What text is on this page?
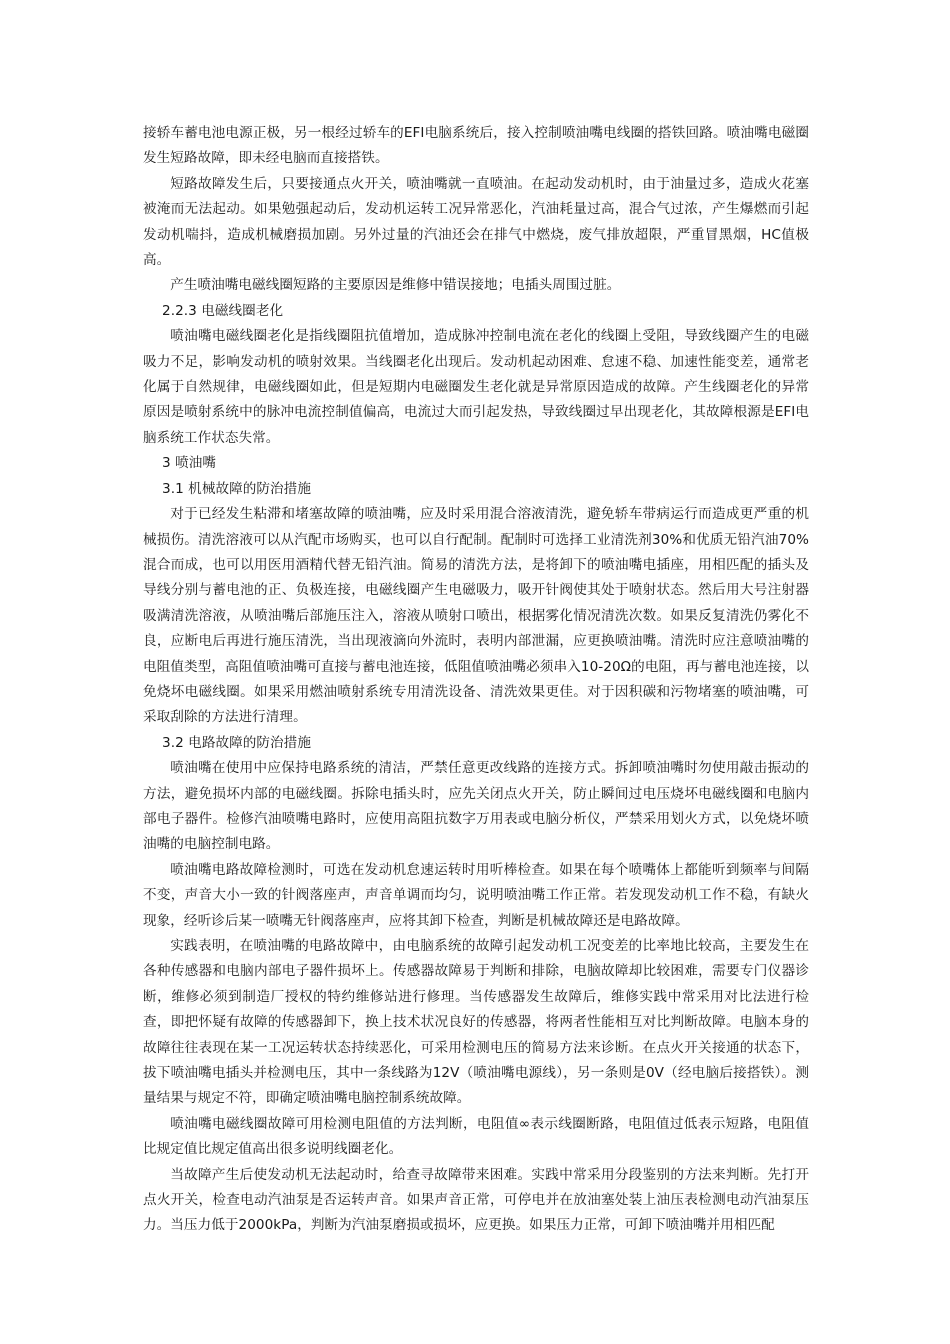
接轿车蓄电池电源正极，另一根经过轿车的EFI电脑系统后，接入控制喷油嘴电线圈的搭铁回路。喷油嘴电磁圈发生短路故障，即未经电脑而直接搭铁。

短路故障发生后，只要接通点火开关，喷油嘴就一直喷油。在起动发动机时，由于油量过多，造成火花塞被淹而无法起动。如果勉强起动后，发动机运转工况异常恶化，汽油耗量过高，混合气过浓，产生爆燃而引起发动机喘抖，造成机械磨损加剧。另外过量的汽油还会在排气中燃烧，废气排放超限，严重冒黑烟，HC值极高。

产生喷油嘴电磁线圈短路的主要原因是维修中错误接地；电插头周围过脏。

2.2.3 电磁线圈老化

喷油嘴电磁线圈老化是指线圈阻抗值增加，造成脉冲控制电流在老化的线圈上受阻，导致线圈产生的电磁吸力不足，影响发动机的喷射效果。当线圈老化出现后。发动机起动困难、怠速不稳、加速性能变差，通常老化属于自然规律，电磁线圈如此，但是短期内电磁圈发生老化就是异常原因造成的故障。产生线圈老化的异常原因是喷射系统中的脉冲电流控制值偏高，电流过大而引起发热，导致线圈过早出现老化，其故障根源是EFI电脑系统工作状态失常。

3 喷油嘴

3.1 机械故障的防治措施

对于已经发生粘滞和堵塞故障的喷油嘴，应及时采用混合溶液清洗，避免轿车带病运行而造成更严重的机械损伤。清洗溶液可以从汽配市场购买，也可以自行配制。配制时可选择工业清洗剂30%和优质无铅汽油70%混合而成，也可以用医用酒精代替无铅汽油。简易的清洗方法，是将卸下的喷油嘴电插座，用相匹配的插头及导线分别与蓄电池的正、负极连接，电磁线圈产生电磁吸力，吸开针阀使其处于喷射状态。然后用大号注射器吸满清洗溶液，从喷油嘴后部施压注入，溶液从喷射口喷出，根据雾化情况清洗次数。如果反复清洗仍雾化不良，应断电后再进行施压清洗，当出现液滴向外流时，表明内部泄漏，应更换喷油嘴。清洗时应注意喷油嘴的电阻值类型，高阻值喷油嘴可直接与蓄电池连接，低阻值喷油嘴必须串入10-20Ω的电阻，再与蓄电池连接，以免烧坏电磁线圈。如果采用燃油喷射系统专用清洗设备、清洗效果更佳。对于因积碳和污物堵塞的喷油嘴，可采取刮除的方法进行清理。

3.2 电路故障的防治措施

喷油嘴在使用中应保持电路系统的清洁，严禁任意更改线路的连接方式。拆卸喷油嘴时勿使用敲击振动的方法，避免损坏内部的电磁线圈。拆除电插头时，应先关闭点火开关，防止瞬间过电压烧坏电磁线圈和电脑内部电子器件。检修汽油喷嘴电路时，应使用高阻抗数字万用表或电脑分析仪，严禁采用划火方式，以免烧坏喷油嘴的电脑控制电路。

喷油嘴电路故障检测时，可选在发动机怠速运转时用听棒检查。如果在每个喷嘴体上都能听到频率与间隔不变，声音大小一致的针阀落座声，声音单调而均匀，说明喷油嘴工作正常。若发现发动机工作不稳，有缺火现象，经听诊后某一喷嘴无针阀落座声，应将其卸下检查，判断是机械故障还是电路故障。

实践表明，在喷油嘴的电路故障中，由电脑系统的故障引起发动机工况变差的比率地比较高，主要发生在各种传感器和电脑内部电子器件损坏上。传感器故障易于判断和排除，电脑故障却比较困难，需要专门仪器诊断，维修必须到制造厂授权的特约维修站进行修理。当传感器发生故障后，维修实践中常采用对比法进行检查，即把怀疑有故障的传感器卸下，换上技术状况良好的传感器，将两者性能相互对比判断故障。电脑本身的故障往往表现在某一工况运转状态持续恶化，可采用检测电压的简易方法来诊断。在点火开关接通的状态下，拔下喷油嘴电插头并检测电压，其中一条线路为12V（喷油嘴电源线），另一条则是0V（经电脑后接搭铁）。测量结果与规定不符，即确定喷油嘴电脑控制系统故障。

喷油嘴电磁线圈故障可用检测电阻值的方法判断，电阻值∞表示线圈断路，电阻值过低表示短路，电阻值比规定值比规定值高出很多说明线圈老化。

当故障产生后使发动机无法起动时，给查寻故障带来困难。实践中常采用分段鉴别的方法来判断。先打开点火开关，检查电动汽油泵是否运转声音。如果声音正常，可停电并在放油塞处装上油压表检测电动汽油泵压力。当压力低于2000kPa，判断为汽油泵磨损或损坏，应更换。如果压力正常，可卸下喷油嘴并用相匹配
